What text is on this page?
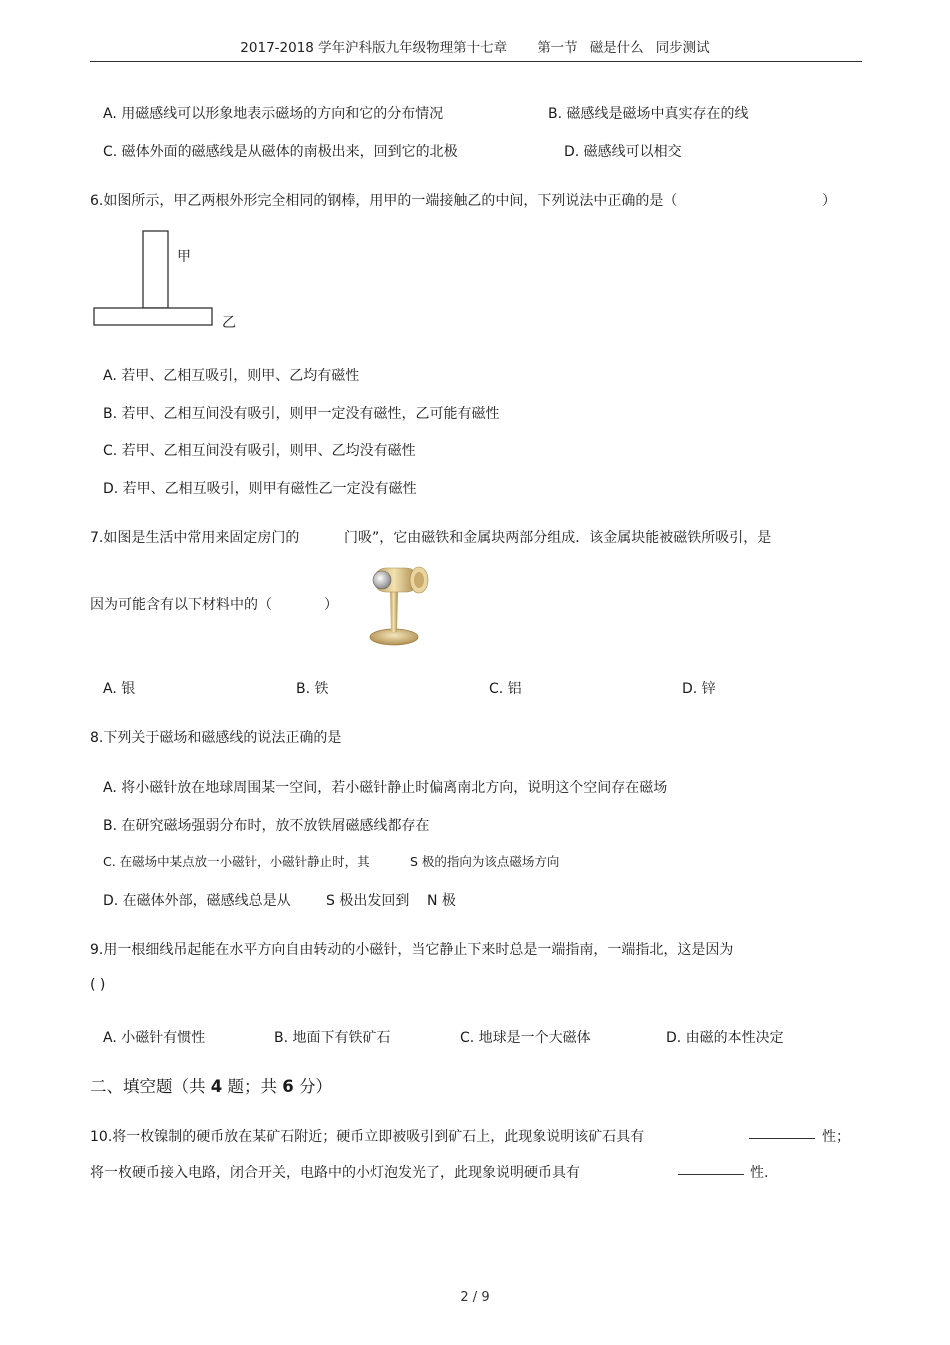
2017-2018 学年沪科版九年级物理第十七章 第一节 磁是什么 同步测试
A. 用磁感线可以形象地表示磁场的方向和它的分布情况	B. 磁感线是磁场中真实存在的线
C. 磁体外面的磁感线是从磁体的南极出来，回到它的北极	D. 磁感线可以相交
6.如图所示，甲乙两根外形完全相同的钢棒，用甲的一端接触乙的中间，下列说法中正确的是（	）
甲
乙
A. 若甲、乙相互吸引，则甲、乙均有磁性
B. 若甲、乙相互间没有吸引，则甲一定没有磁性，乙可能有磁性
C. 若甲、乙相互间没有吸引，则甲、乙均没有磁性
D. 若甲、乙相互吸引，则甲有磁性乙一定没有磁性
7.如图是生活中常用来固定房门的	门吸”，它由磁铁和金属块两部分组成．该金属块能被磁铁所吸引，是
因为可能含有以下材料中的（	）
A. 银	B. 铁	C. 铝	D. 锌
8.下列关于磁场和磁感线的说法正确的是
A. 将小磁针放在地球周围某一空间，若小磁针静止时偏离南北方向，说明这个空间存在磁场
B. 在研究磁场强弱分布时，放不放铁屑磁感线都存在
C. 在磁场中某点放一小磁针，小磁针静止时，其	S 极的指向为该点磁场方向
D. 在磁体外部，磁感线总是从	S 极出发回到 N 极
9.用一根细线吊起能在水平方向自由转动的小磁针，当它静止下来时总是一端指南，一端指北，这是因为
( )
A. 小磁针有惯性	B. 地面下有铁矿石	C. 地球是一个大磁体	D. 由磁的本性决定
二、填空题（共 4 题；共 6 分）
10.将一枚镍制的硬币放在某矿石附近；硬币立即被吸引到矿石上，此现象说明该矿石具有	性；
将一枚硬币接入电路，闭合开关，电路中的小灯泡发光了，此现象说明硬币具有	性.
2 / 9
